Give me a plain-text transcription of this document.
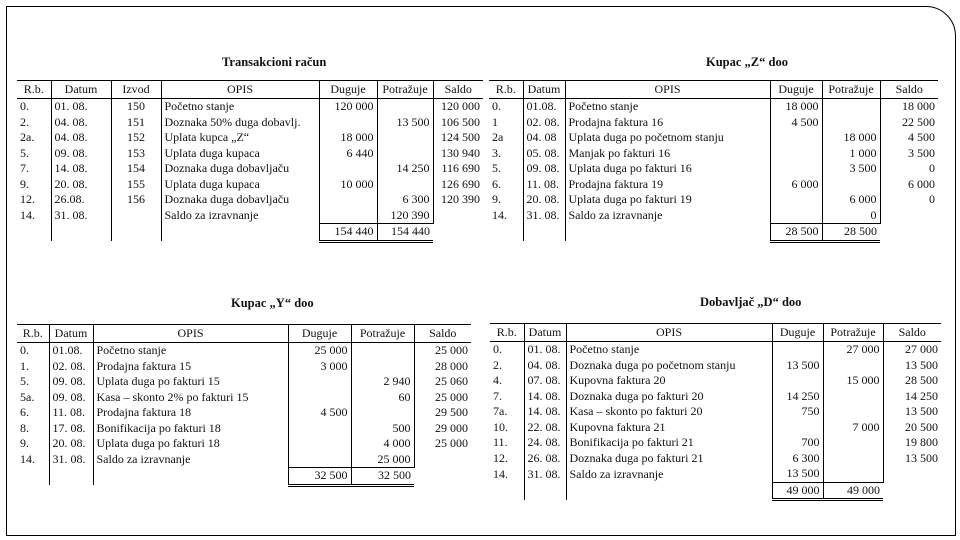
Transakcioni račun
R.b.	Datum	Izvod	OPIS	Duguje	Potražuje	Saldo
0.	01. 08.	150	Početno stanje	120 000		120 000
2.	04. 08.	151	Doznaka 50% duga dobavlj.		13 500	106 500
2a.	04. 08.	152	Uplata kupca „Z“	18 000		124 500
5.	09. 08.	153	Uplata duga kupaca	6 440		130 940
7.	14. 08.	154	Doznaka duga dobavljaču		14 250	116 690
9.	20. 08.	155	Uplata duga kupaca	10 000		126 690
12.	26.08.	156	Doznaka duga dobavljaču		6 300	120 390
14.	31. 08.		Saldo za izravnanje		120 390	
				154 440	154 440	
Kupac „Z“ doo
R.b.	Datum	OPIS	Duguje	Potražuje	Saldo
0.	01.08.	Početno stanje	18 000		18 000
1	02. 08.	Prodajna faktura 16	4 500		22 500
2a	04. 08	Uplata duga po početnom stanju		18 000	4 500
3.	05. 08.	Manjak po fakturi 16		1 000	3 500
5.	09. 08.	Uplata duga po fakturi 16		3 500	0
6.	11. 08.	Prodajna faktura 19	6 000		6 000
9.	20. 08.	Uplata duga po fakturi 19		6 000	0
14.	31. 08.	Saldo za izravnanje		0	
			28 500	28 500	
Kupac „Y“ doo
R.b.	Datum	OPIS	Duguje	Potražuje	Saldo
0.	01.08.	Početno stanje	25 000		25 000
1.	02. 08.	Prodajna faktura 15	3 000		28 000
5.	09. 08.	Uplata duga po fakturi 15		2 940	25 060
5a.	09. 08.	Kasa – skonto 2% po fakturi 15		60	25 000
6.	11. 08.	Prodajna faktura 18	4 500		29 500
8.	17. 08.	Bonifikacija po fakturi 18		500	29 000
9.	20. 08.	Uplata duga po fakturi 18		4 000	25 000
14.	31. 08.	Saldo za izravnanje		25 000	
			32 500	32 500	
Dobavljač „D“ doo
R.b.	Datum	OPIS	Duguje	Potražuje	Saldo
0.	01. 08.	Početno stanje		27 000	27 000
2.	04. 08.	Doznaka duga po početnom stanju	13 500		13 500
4.	07. 08.	Kupovna faktura 20		15 000	28 500
7.	14. 08.	Doznaka duga po fakturi 20	14 250		14 250
7a.	14. 08.	Kasa – skonto po fakturi 20	750		13 500
10.	22. 08.	Kupovna faktura 21		7 000	20 500
11.	24. 08.	Bonifikacija po fakturi 21	700		19 800
12.	26. 08.	Doznaka duga po fakturi 21	6 300		13 500
14.	31. 08.	Saldo za izravnanje	13 500		
			49 000	49 000	
